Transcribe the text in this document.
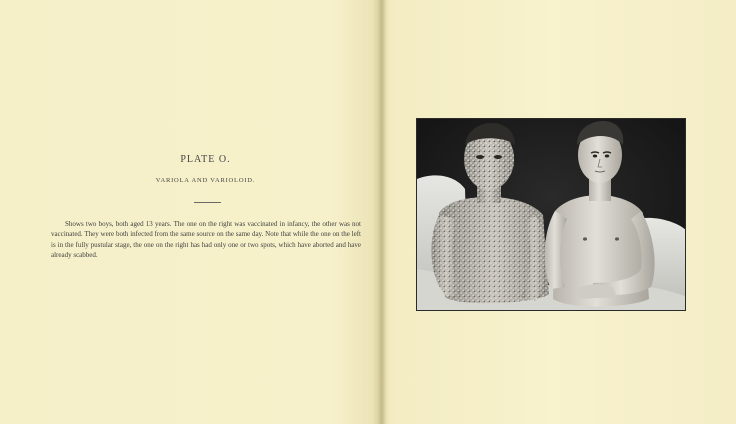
PLATE O.
VARIOLA AND VARIOLOID.

Shows two boys, both aged 13 years. The one on the right was vaccinated in infancy, the other was not vaccinated. They were both infected from the same source on the same day. Note that while the one on the left is in the fully pustular stage, the one on the right has had only one or two spots, which have aborted and have already scabbed.
